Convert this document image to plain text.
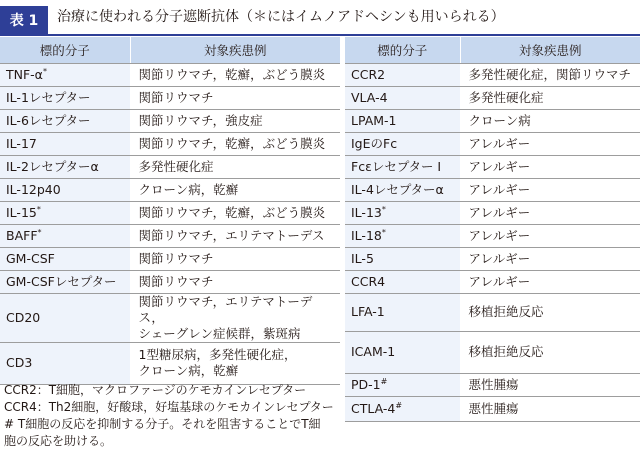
表 1	治療に使われる分子遮断抗体（＊にはイムノアドヘシンも用いられる）
標的分子	対象疾患例
TNF-α*	関節リウマチ，乾癬，ぶどう膜炎

IL-1レセプター	関節リウマチ

IL-6レセプター	関節リウマチ，強皮症

IL-17	関節リウマチ，乾癬，ぶどう膜炎

IL-2レセプターα	多発性硬化症

IL-12p40	クローン病，乾癬

IL-15*	関節リウマチ，乾癬，ぶどう膜炎

BAFF*	関節リウマチ，エリテマトーデス

GM-CSF	関節リウマチ

GM-CSFレセプター	関節リウマチ

CD20	関節リウマチ，エリテマトーデス，
シェーグレン症候群，紫斑病

CD3	1型糖尿病，多発性硬化症，
クローン病，乾癬
標的分子	対象疾患例
CCR2	多発性硬化症，関節リウマチ
VLA-4	多発性硬化症
LPAM-1	クローン病
IgEのFc	アレルギー
Fcεレセプター I	アレルギー
IL-4レセプターα	アレルギー
IL-13*	アレルギー
IL-18*	アレルギー
IL-5	アレルギー
CCR4	アレルギー
LFA-1	移植拒絶反応
ICAM-1	移植拒絶反応
PD-1#	悪性腫瘍
CTLA-4#	悪性腫瘍
CCR2：T細胞，マクロファージのケモカインレセプター
CCR4：Th2細胞，好酸球，好塩基球のケモカインレセプター
# T細胞の反応を抑制する分子。それを阻害することでT細
胞の反応を助ける。
